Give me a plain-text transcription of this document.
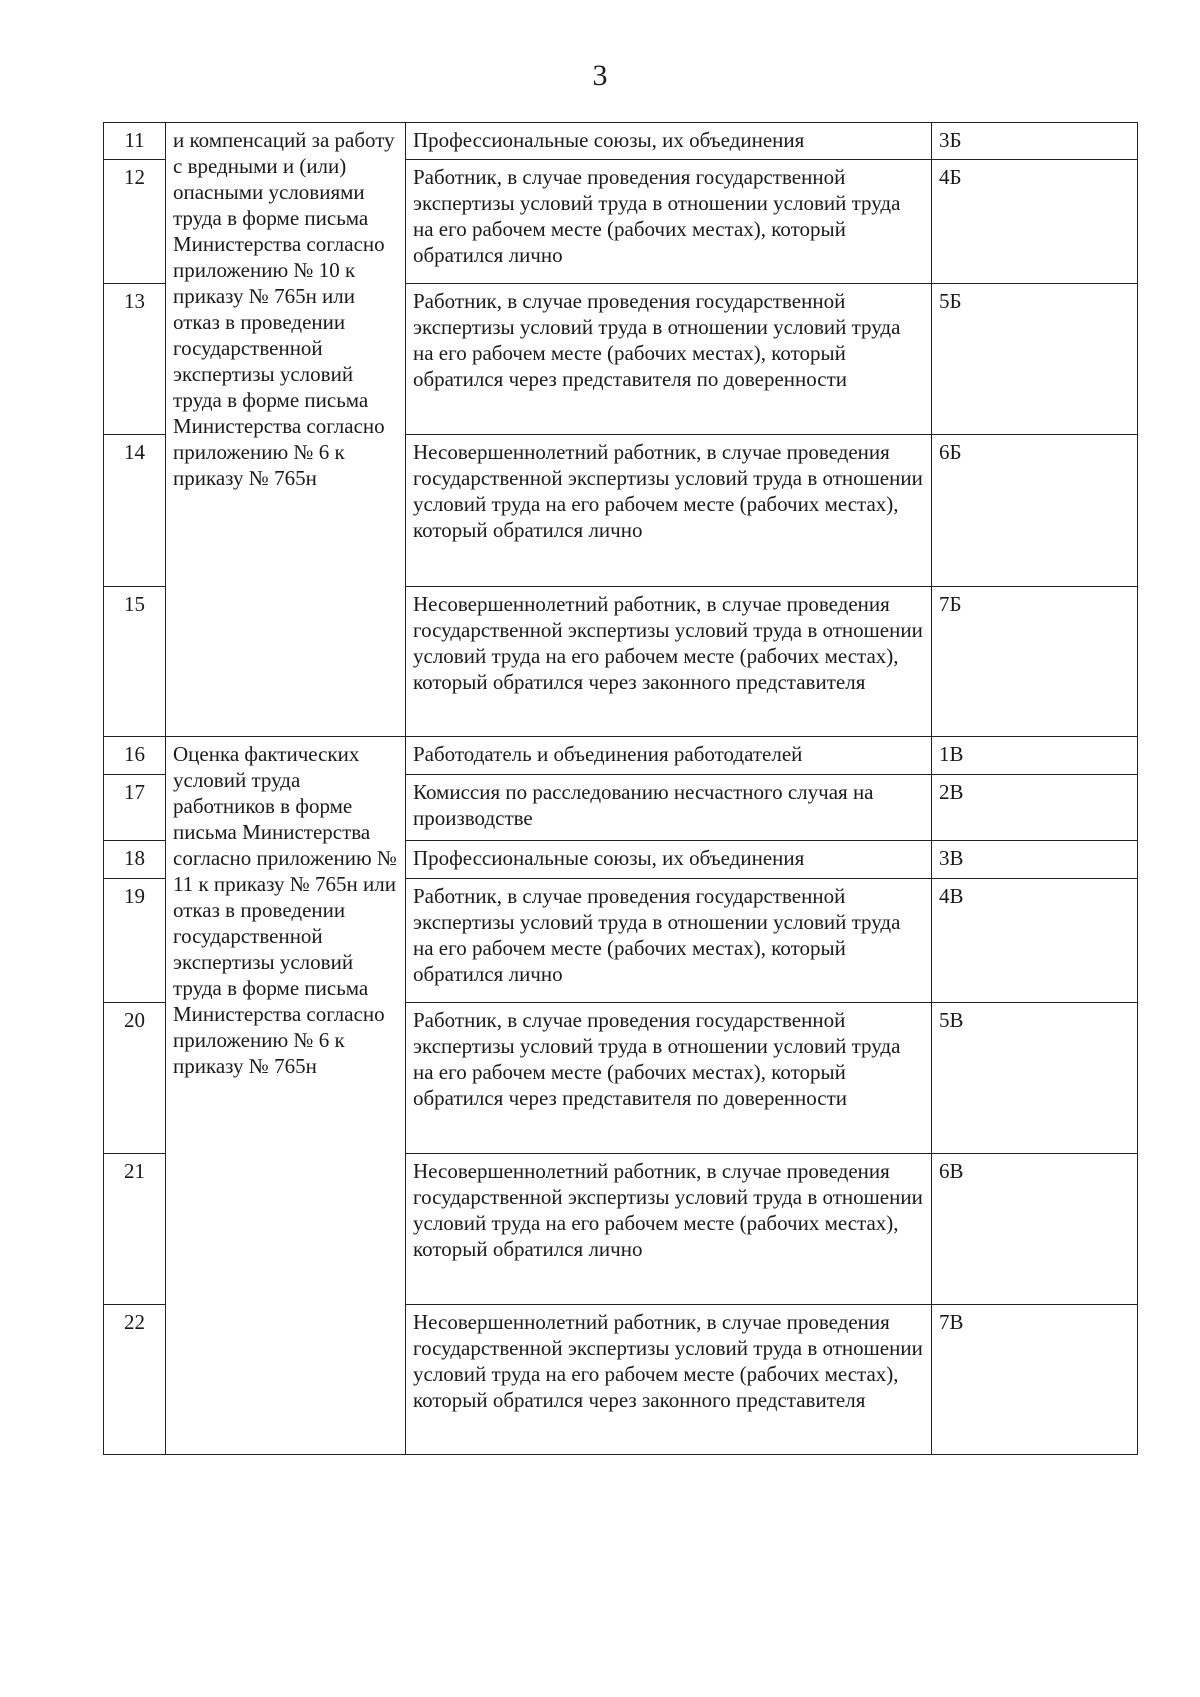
3
11	и компенсаций за работу с вредными и (или) опасными условиями труда в форме письма Министерства согласно приложению № 10 к приказу № 765н или отказ в проведении государственной экспертизы условий труда в форме письма Министерства согласно приложению № 6 к приказу № 765н	Профессиональные союзы, их объединения	3Б
12		Работник, в случае проведения государственной экспертизы условий труда в отношении условий труда на его рабочем месте (рабочих местах), который обратился лично	4Б
13		Работник, в случае проведения государственной экспертизы условий труда в отношении условий труда на его рабочем месте (рабочих местах), который обратился через представителя по доверенности	5Б
14		Несовершеннолетний работник, в случае проведения государственной экспертизы условий труда в отношении условий труда на его рабочем месте (рабочих местах), который обратился лично	6Б
15		Несовершеннолетний работник, в случае проведения государственной экспертизы условий труда в отношении условий труда на его рабочем месте (рабочих местах), который обратился через законного представителя	7Б
16	Оценка фактических условий труда работников в форме письма Министерства согласно приложению № 11 к приказу № 765н или отказ в проведении государственной экспертизы условий труда в форме письма Министерства согласно приложению № 6 к приказу № 765н	Работодатель и объединения работодателей	1В
17		Комиссия по расследованию несчастного случая на производстве	2В
18		Профессиональные союзы, их объединения	3В
19		Работник, в случае проведения государственной экспертизы условий труда в отношении условий труда на его рабочем месте (рабочих местах), который обратился лично	4В
20		Работник, в случае проведения государственной экспертизы условий труда в отношении условий труда на его рабочем месте (рабочих местах), который обратился через представителя по доверенности	5В
21		Несовершеннолетний работник, в случае проведения государственной экспертизы условий труда в отношении условий труда на его рабочем месте (рабочих местах), который обратился лично	6В
22		Несовершеннолетний работник, в случае проведения государственной экспертизы условий труда в отношении условий труда на его рабочем месте (рабочих местах), который обратился через законного представителя	7В
